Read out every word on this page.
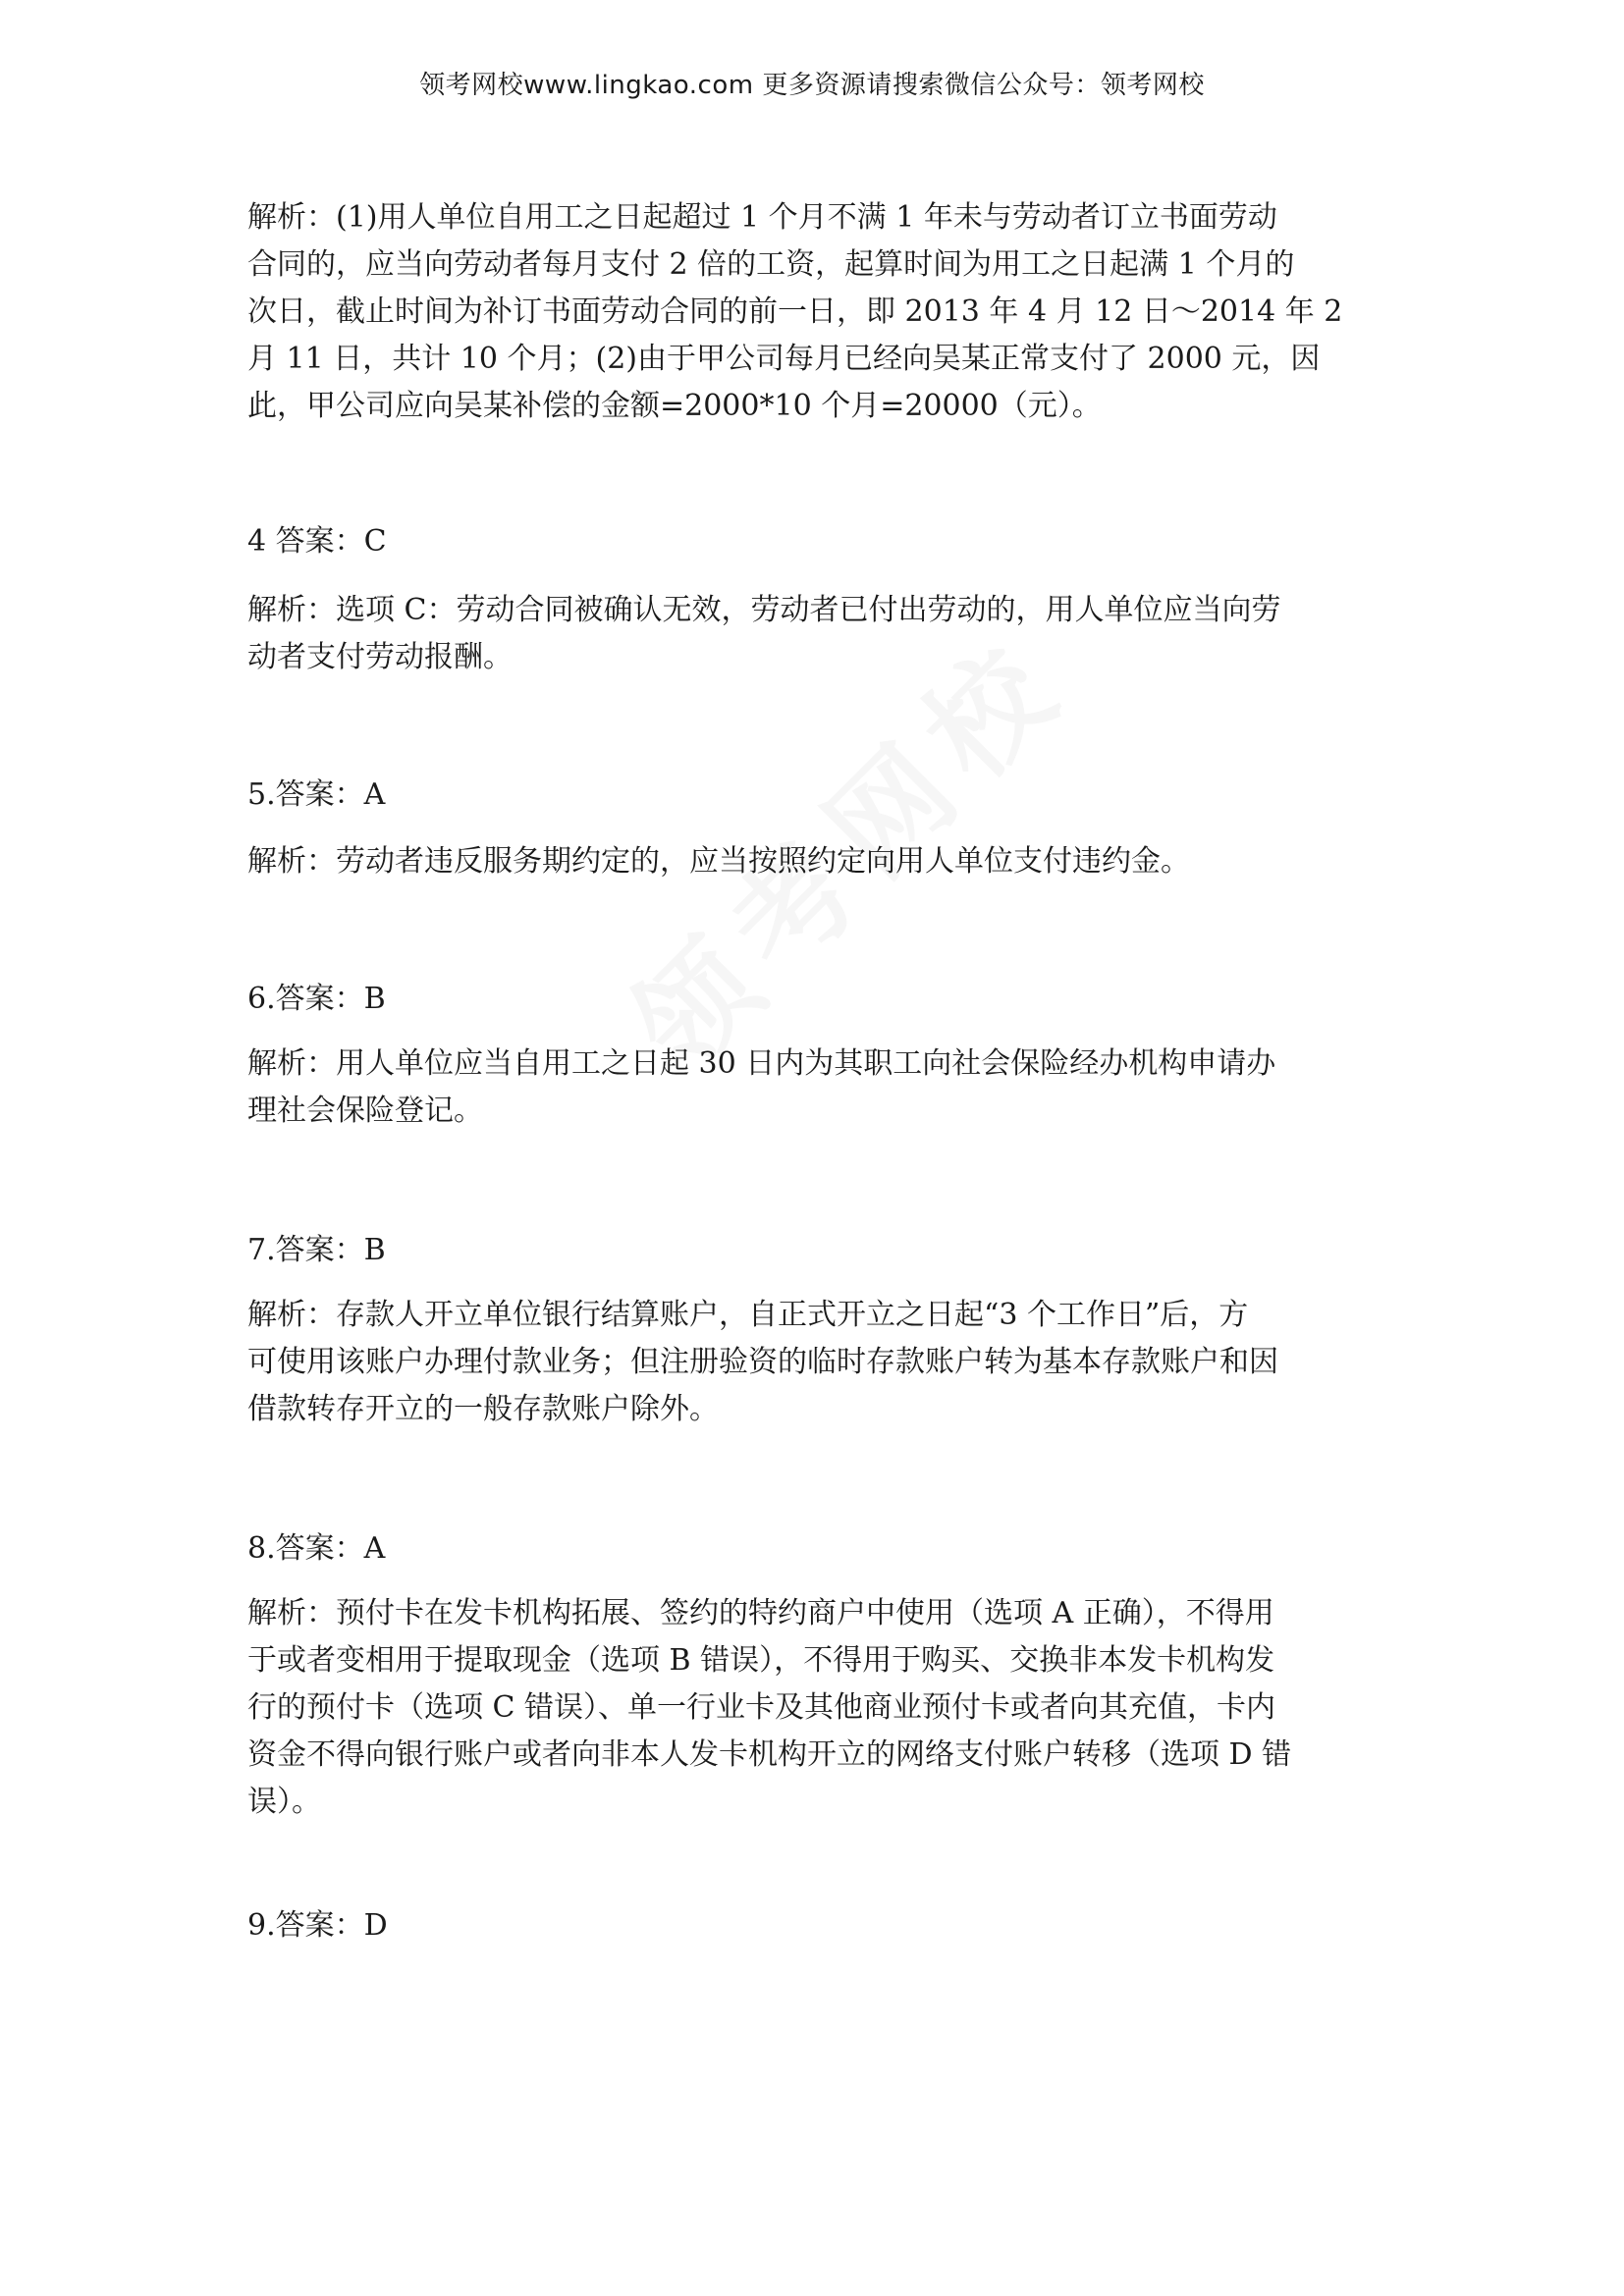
领考网校www.lingkao.com 更多资源请搜索微信公众号：领考网校

解析：(1)用人单位自用工之日起超过 1 个月不满 1 年未与劳动者订立书面劳动

合同的，应当向劳动者每月支付 2 倍的工资，起算时间为用工之日起满 1 个月的

次日，截止时间为补订书面劳动合同的前一日，即 2013 年 4 月 12 日～2014 年 2

月 11 日，共计 10 个月；(2)由于甲公司每月已经向吴某正常支付了 2000 元，因

此，甲公司应向吴某补偿的金额=2000*10 个月=20000（元）。

4 答案：C

解析：选项 C：劳动合同被确认无效，劳动者已付出劳动的，用人单位应当向劳

动者支付劳动报酬。

5.答案：A

解析：劳动者违反服务期约定的，应当按照约定向用人单位支付违约金。

6.答案：B

解析：用人单位应当自用工之日起 30 日内为其职工向社会保险经办机构申请办

理社会保险登记。

7.答案：B

解析：存款人开立单位银行结算账户，自正式开立之日起“3 个工作日”后，方

可使用该账户办理付款业务；但注册验资的临时存款账户转为基本存款账户和因

借款转存开立的一般存款账户除外。

8.答案：A

解析：预付卡在发卡机构拓展、签约的特约商户中使用（选项 A 正确），不得用

于或者变相用于提取现金（选项 B 错误），不得用于购买、交换非本发卡机构发

行的预付卡（选项 C 错误）、单一行业卡及其他商业预付卡或者向其充值，卡内

资金不得向银行账户或者向非本人发卡机构开立的网络支付账户转移（选项 D 错

误）。

9.答案：D
